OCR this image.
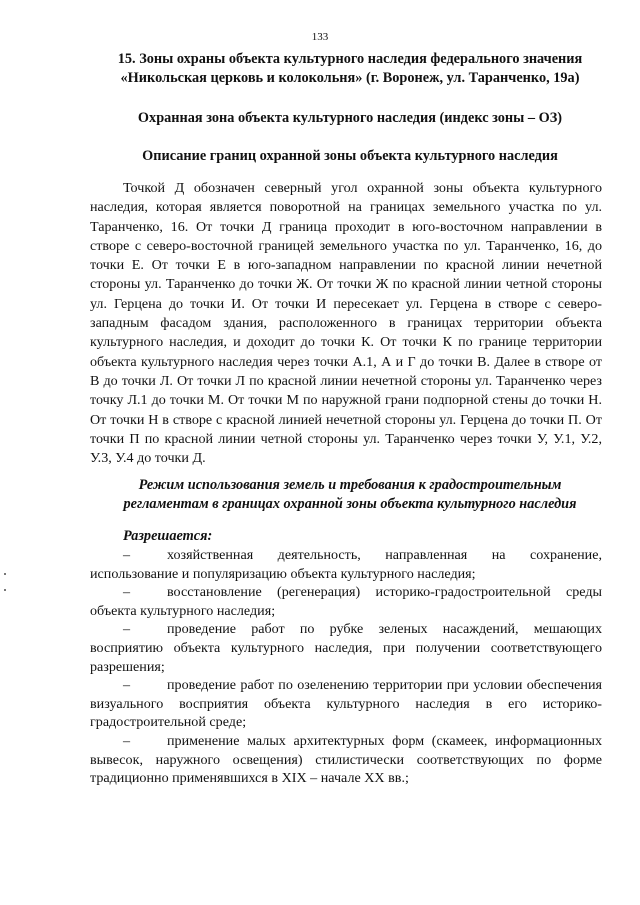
133
15. Зоны охраны объекта культурного наследия федерального значения
«Никольская церковь и колокольня» (г. Воронеж, ул. Таранченко, 19а)
Охранная зона объекта культурного наследия (индекс зоны – ОЗ)
Описание границ охранной зоны объекта культурного наследия

Точкой Д обозначен северный угол охранной зоны объекта культурного наследия, которая является поворотной на границах земельного участка по ул. Таранченко, 16. От точки Д граница проходит в юго-восточном направлении в створе с северо-восточной границей земельного участка по ул. Таранченко, 16, до точки Е. От точки Е в юго-западном направлении по красной линии нечетной стороны ул. Таранченко до точки Ж. От точки Ж по красной линии четной стороны ул. Герцена до точки И. От точки И пересекает ул. Герцена в створе с северо-западным фасадом здания, расположенного в границах территории объекта культурного наследия, и доходит до точки К. От точки К по границе территории объекта культурного наследия через точки А.1, А и Г до точки В. Далее в створе от В до точки Л. От точки Л по красной линии нечетной стороны ул. Таранченко через точку Л.1 до точки М. От точки М по наружной грани подпорной стены до точки Н. От точки Н в створе с красной линией нечетной стороны ул. Герцена до точки П. От точки П по красной линии четной стороны ул. Таранченко через точки У, У.1, У.2, У.3, У.4 до точки Д.

Режим использования земель и требования к градостроительным
регламентам в границах охранной зоны объекта культурного наследия
Разрешается:
–	хозяйственная деятельность, направленная на сохранение, использование и популяризацию объекта культурного наследия;
–	восстановление (регенерация) историко-градостроительной среды объекта культурного наследия;
–	проведение работ по рубке зеленых насаждений, мешающих восприятию объекта культурного наследия, при получении соответствующего разрешения;
–	проведение работ по озеленению территории при условии обеспечения визуального восприятия объекта культурного наследия в его историко-градостроительной среде;
–	применение малых архитектурных форм (скамеек, информационных вывесок, наружного освещения) стилистически соответствующих по форме традиционно применявшихся в XIX – начале XX вв.;
